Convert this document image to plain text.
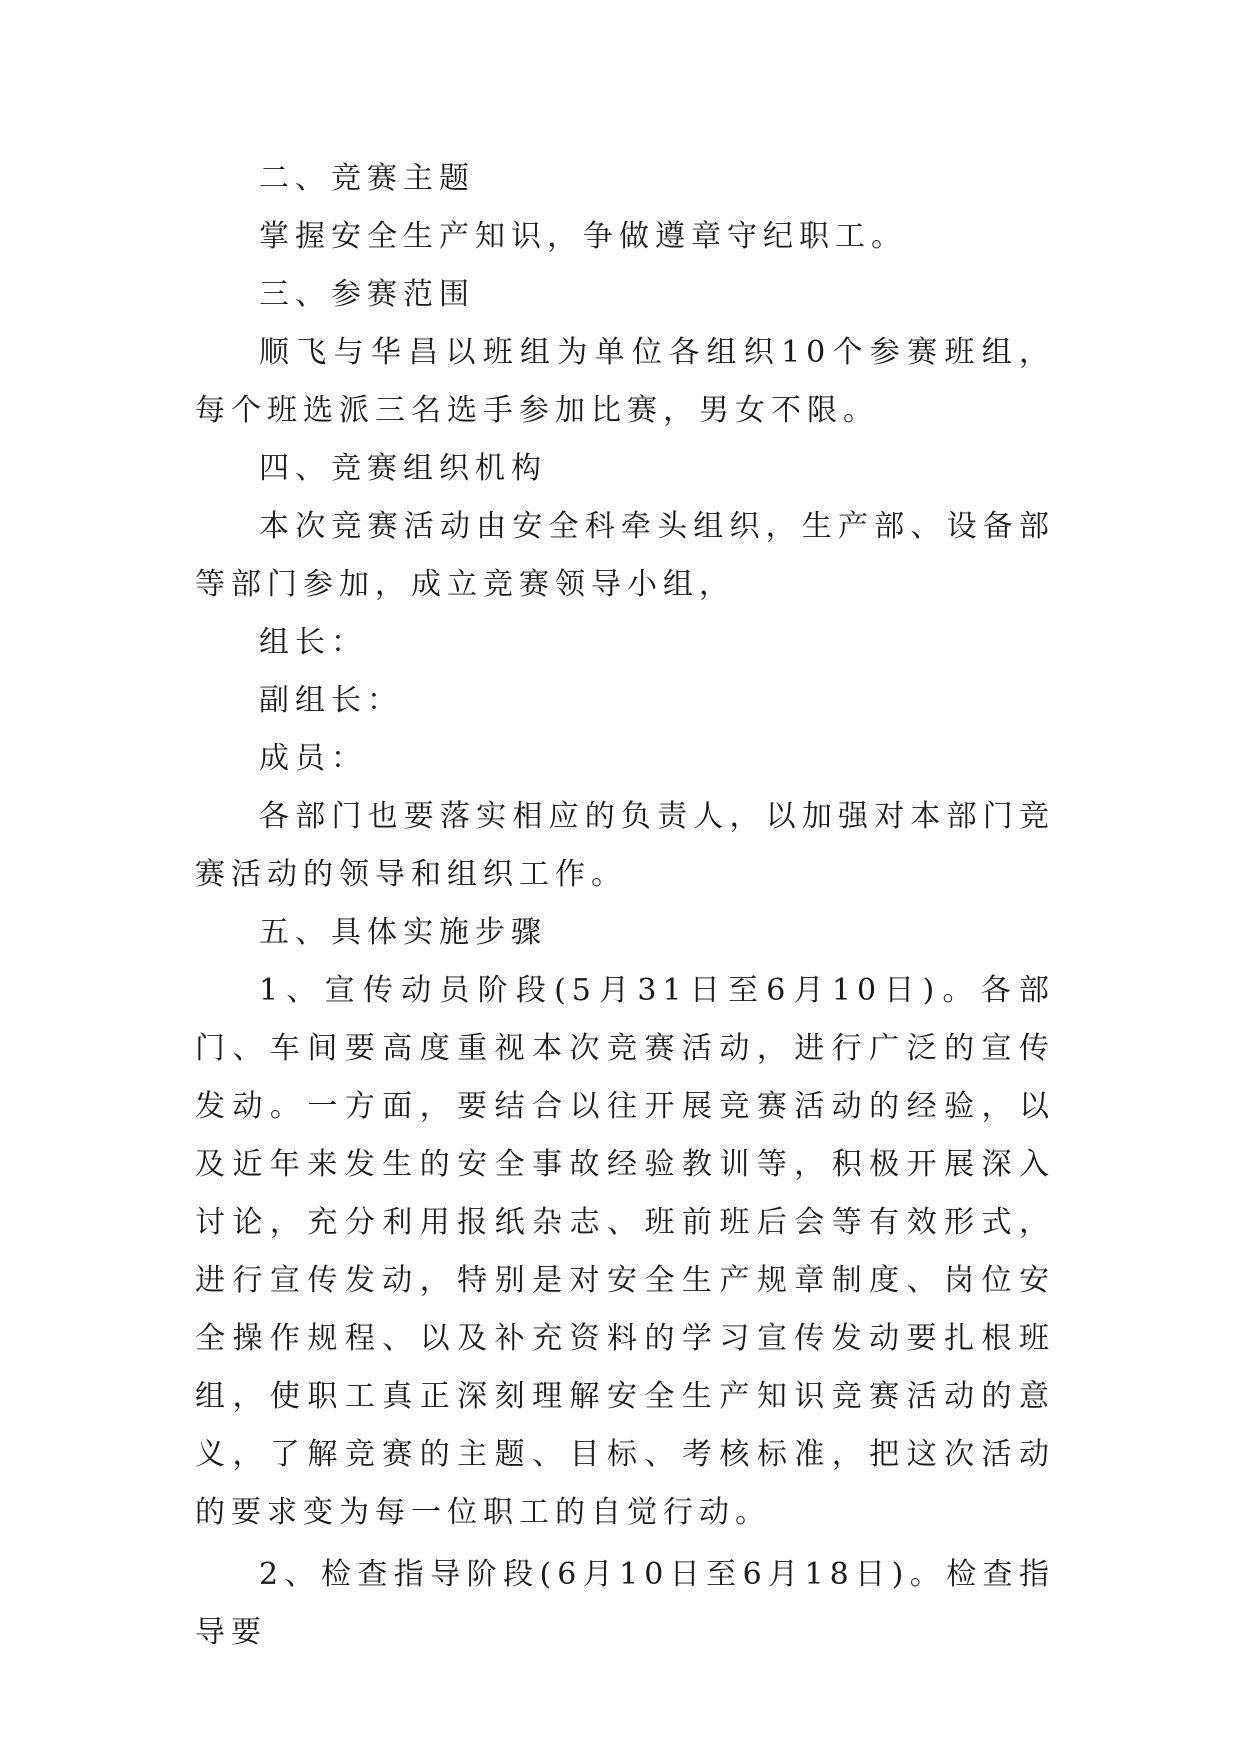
二、竞赛主题

掌握安全生产知识，争做遵章守纪职工。

三、参赛范围

顺飞与华昌以班组为单位各组织10个参赛班组，每个班选派三名选手参加比赛，男女不限。

四、竞赛组织机构

本次竞赛活动由安全科牵头组织，生产部、设备部等部门参加，成立竞赛领导小组，

组长：

副组长：

成员：

各部门也要落实相应的负责人，以加强对本部门竞赛活动的领导和组织工作。

五、具体实施步骤

1、宣传动员阶段(5月31日至6月10日)。各部门、车间要高度重视本次竞赛活动，进行广泛的宣传发动。一方面，要结合以往开展竞赛活动的经验，以及近年来发生的安全事故经验教训等，积极开展深入讨论，充分利用报纸杂志、班前班后会等有效形式，进行宣传发动，特别是对安全生产规章制度、岗位安全操作规程、以及补充资料的学习宣传发动要扎根班组，使职工真正深刻理解安全生产知识竞赛活动的意义，了解竞赛的主题、目标、考核标准，把这次活动的要求变为每一位职工的自觉行动。

2、检查指导阶段(6月10日至6月18日)。检查指导要
